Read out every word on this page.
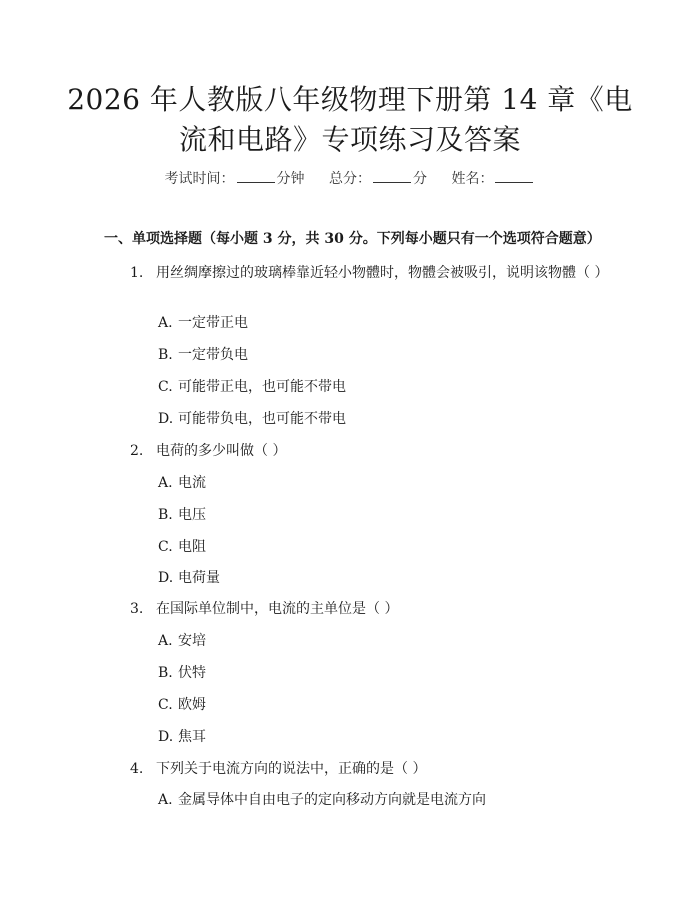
2026 年人教版八年级物理下册第 14 章《电
流和电路》专项练习及答案
考试时间：	分钟 总分：	分 姓名：
一、单项选择题（每小题 3 分，共 30 分。下列每小题只有一个选项符合题意）
1. 用丝绸摩擦过的玻璃棒靠近轻小物體时，物體会被吸引，说明该物體（ ）
A. 一定带正电
B. 一定带负电
C. 可能带正电，也可能不带电
D. 可能带负电，也可能不带电
2. 电荷的多少叫做（ ）
A. 电流
B. 电压
C. 电阻
D. 电荷量
3. 在国际单位制中，电流的主单位是（ ）
A. 安培
B. 伏特
C. 欧姆
D. 焦耳
4. 下列关于电流方向的说法中，正确的是（ ）
A. 金属导体中自由电子的定向移动方向就是电流方向
